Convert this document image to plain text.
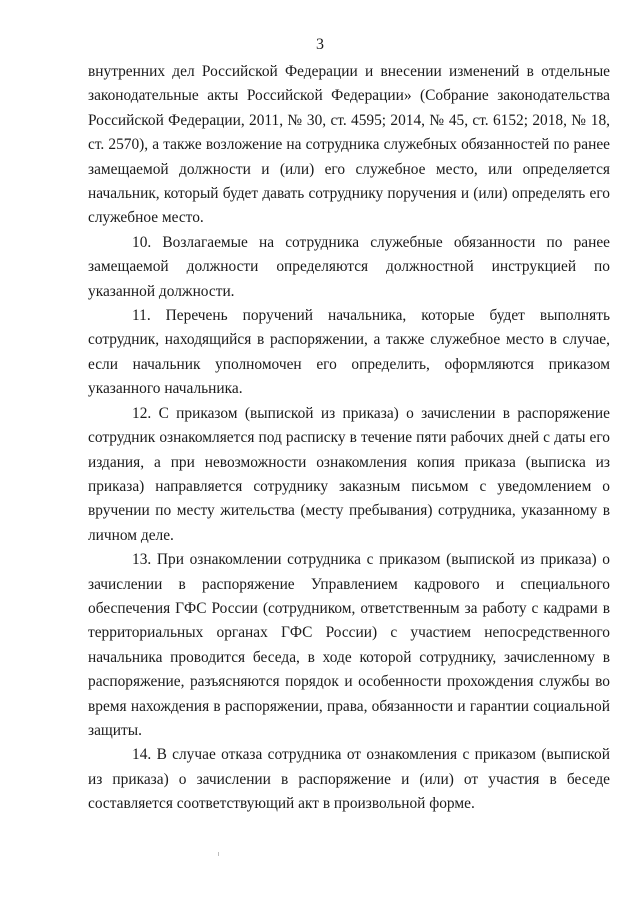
3

внутренних дел Российской Федерации и внесении изменений в отдельные законодательные акты Российской Федерации» (Собрание законодательства Российской Федерации, 2011, № 30, ст. 4595; 2014, № 45, ст. 6152; 2018, № 18, ст. 2570), а также возложение на сотрудника служебных обязанностей по ранее замещаемой должности и (или) его служебное место, или определяется начальник, который будет давать сотруднику поручения и (или) определять его служебное место.

10. Возлагаемые на сотрудника служебные обязанности по ранее замещаемой должности определяются должностной инструкцией по указанной должности.

11. Перечень поручений начальника, которые будет выполнять сотрудник, находящийся в распоряжении, а также служебное место в случае, если начальник уполномочен его определить, оформляются приказом указанного начальника.

12. С приказом (выпиской из приказа) о зачислении в распоряжение сотрудник ознакомляется под расписку в течение пяти рабочих дней с даты его издания, а при невозможности ознакомления копия приказа (выписка из приказа) направляется сотруднику заказным письмом с уведомлением о вручении по месту жительства (месту пребывания) сотрудника, указанному в личном деле.

13. При ознакомлении сотрудника с приказом (выпиской из приказа) о зачислении в распоряжение Управлением кадрового и специального обеспечения ГФС России (сотрудником, ответственным за работу с кадрами в территориальных органах ГФС России) с участием непосредственного начальника проводится беседа, в ходе которой сотруднику, зачисленному в распоряжение, разъясняются порядок и особенности прохождения службы во время нахождения в распоряжении, права, обязанности и гарантии социальной защиты.

14. В случае отказа сотрудника от ознакомления с приказом (выпиской из приказа) о зачислении в распоряжение и (или) от участия в беседе составляется соответствующий акт в произвольной форме.
